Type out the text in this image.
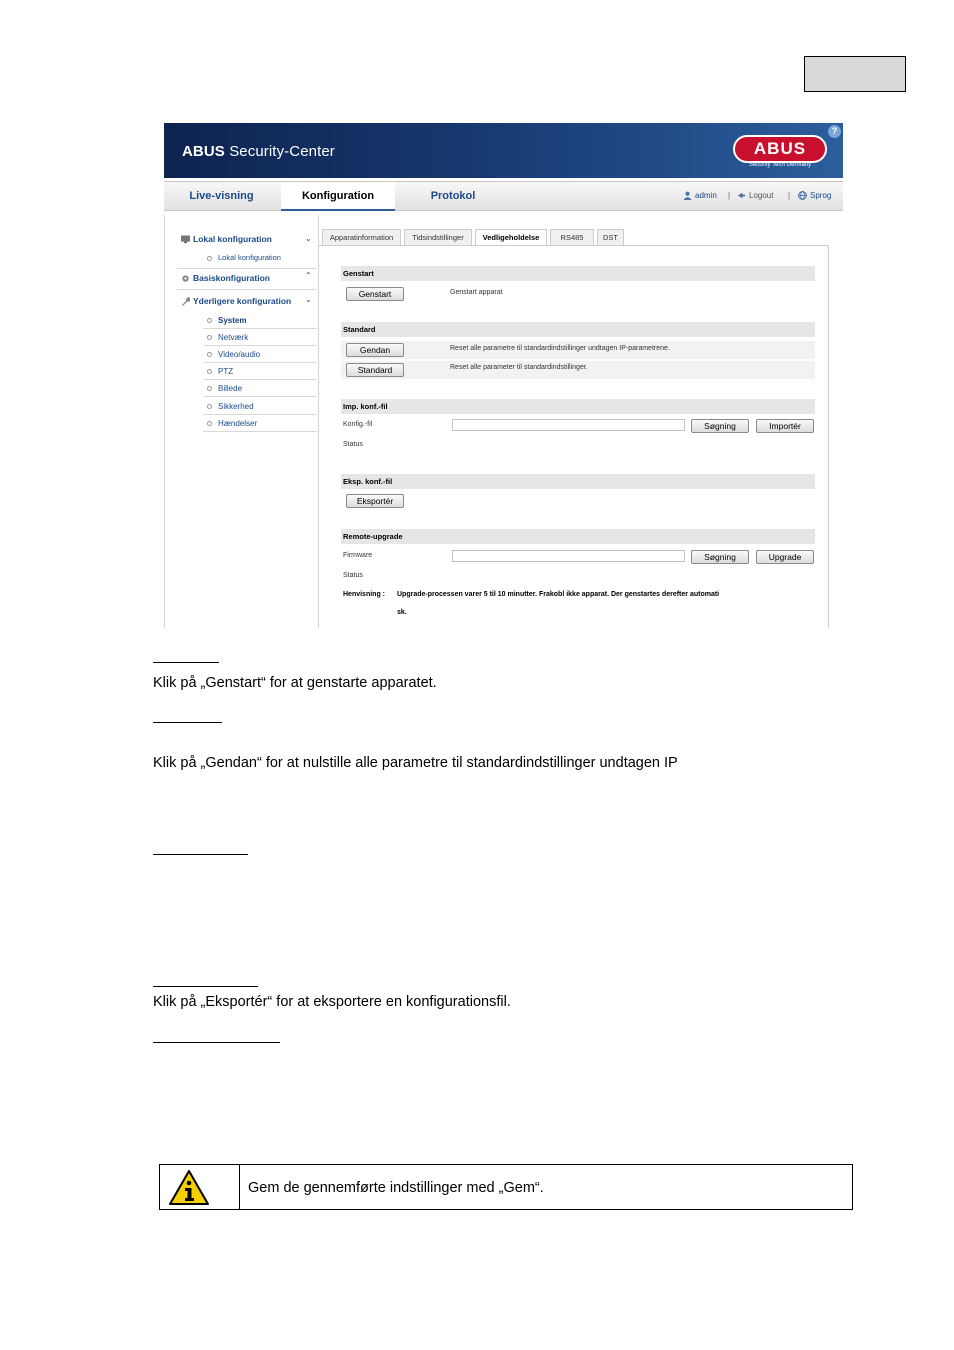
ABUS Security-Center	ABUS
Security Tech Germany
?
Live-visning	Konfiguration	Protokol	admin |	Logout |	Sprog
Lokal konfiguration	⌄
Lokal konfiguration
Basiskonfiguration	⌃
Yderligere konfiguration ⌄
System
Netværk
Video/audio
PTZ
Billede
Sikkerhed
Hændelser
Apparatinformation	Tidsindstillinger	Vedligeholdelse	RS485	DST
Genstart
Genstart	Genstart apparat
Standard
Gendan	Reset alle parametre til standardindstillinger undtagen IP-parametrene.
Standard	Reset alle parameter til standardindstillinger.
Imp. konf.-fil
Konfig.-fil	Søgning	Importér
Status
Eksp. konf.-fil
Eksportér
Remote-upgrade
Firmware	Søgning	Upgrade
Status
Henvisning : Upgrade-processen varer 5 til 10 minutter. Frakobl ikke apparat. Der genstartes derefter automati
sk.
Klik på „Genstart“ for at genstarte apparatet.
Klik på „Gendan“ for at nulstille alle parametre til standardindstillinger undtagen IP
Klik på „Eksportér“ for at eksportere en konfigurationsfil.
Gem de gennemførte indstillinger med „Gem“.
